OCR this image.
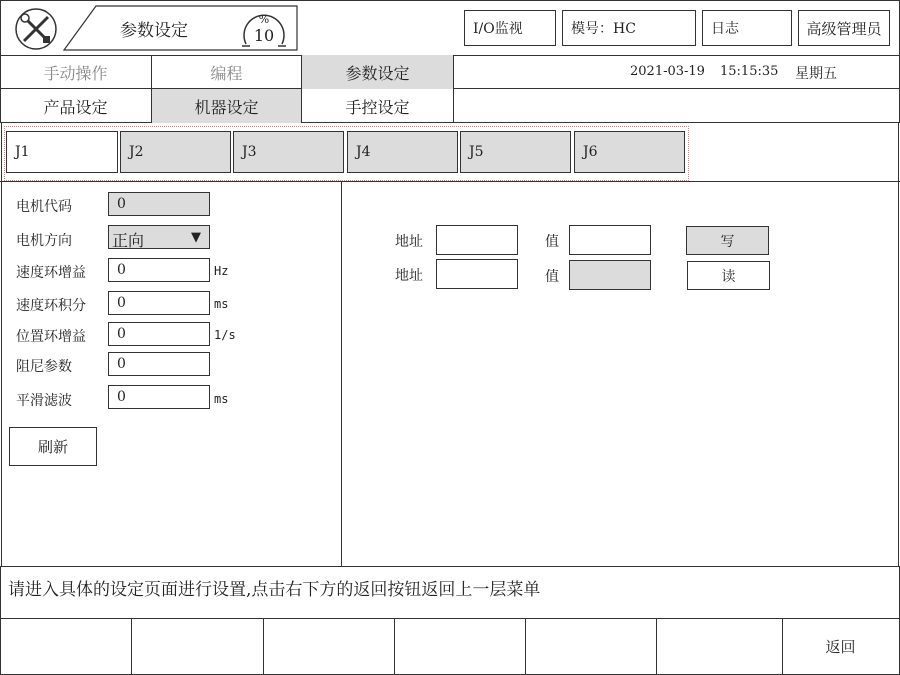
参数设定
%
10	I/O监视	模号：HC	日志	高级管理员
手动操作	编程	参数设定	2021-03-19	15:15:35	星期五
产品设定	机器设定	手控设定
J1	J2	J3	J4	J5	J6
电机代码	0
电机方向	正向	▼
速度环增益	0	Hz
速度环积分	0	ms
位置环增益	0	1/s
阻尼参数	0
平滑滤波	0	ms
刷新
地址	值	写
地址	值	读
请进入具体的设定页面进行设置,点击右下方的返回按钮返回上一层菜单
返回
